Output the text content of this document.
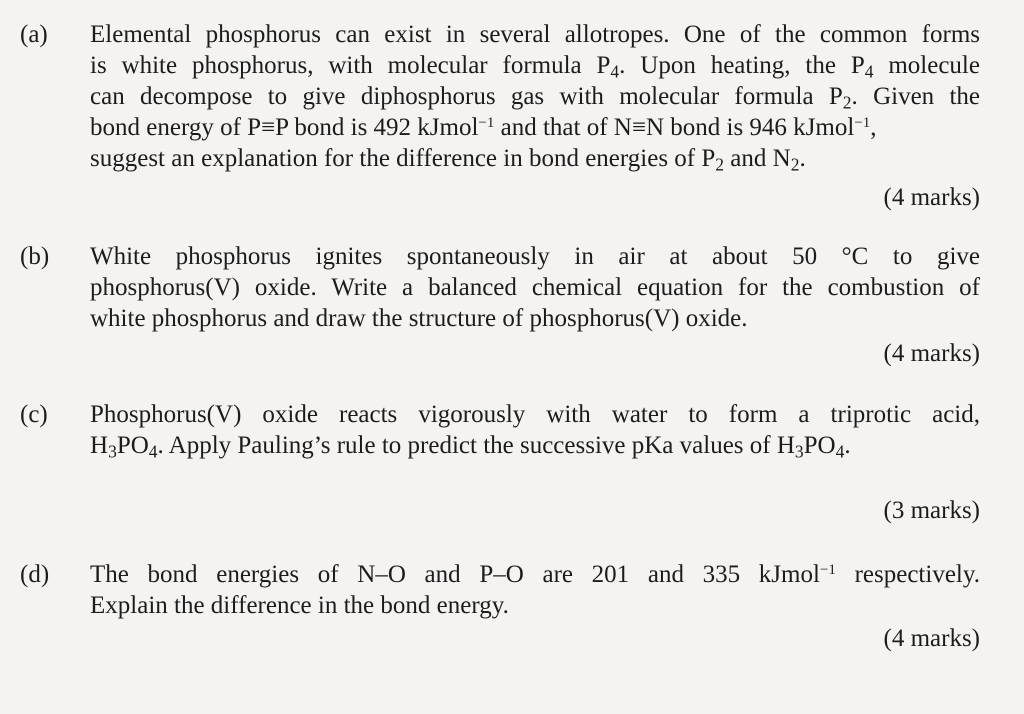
(a) Elemental phosphorus can exist in several allotropes. One of the common forms
is white phosphorus, with molecular formula $P_4$. Upon heating, the $P_4$ molecule
can decompose to give diphosphorus gas with molecular formula $P_2$. Given the
bond energy of P≡P bond is 492 kJmol$^{-1}$ and that of N≡N bond is 946 kJmol$^{-1}$,
suggest an explanation for the difference in bond energies of $P_2$ and $N_2$.
(4 marks)
(b) White phosphorus ignites spontaneously in air at about 50 °C to give
phosphorus(V) oxide. Write a balanced chemical equation for the combustion of
white phosphorus and draw the structure of phosphorus(V) oxide.
(4 marks)
(c) Phosphorus(V) oxide reacts vigorously with water to form a triprotic acid,
$H_3PO_4$. Apply Pauling’s rule to predict the successive pKa values of $H_3PO_4$.
(3 marks)
(d) The bond energies of N–O and P–O are 201 and 335 kJmol$^{-1}$ respectively.
Explain the difference in the bond energy.
(4 marks)
